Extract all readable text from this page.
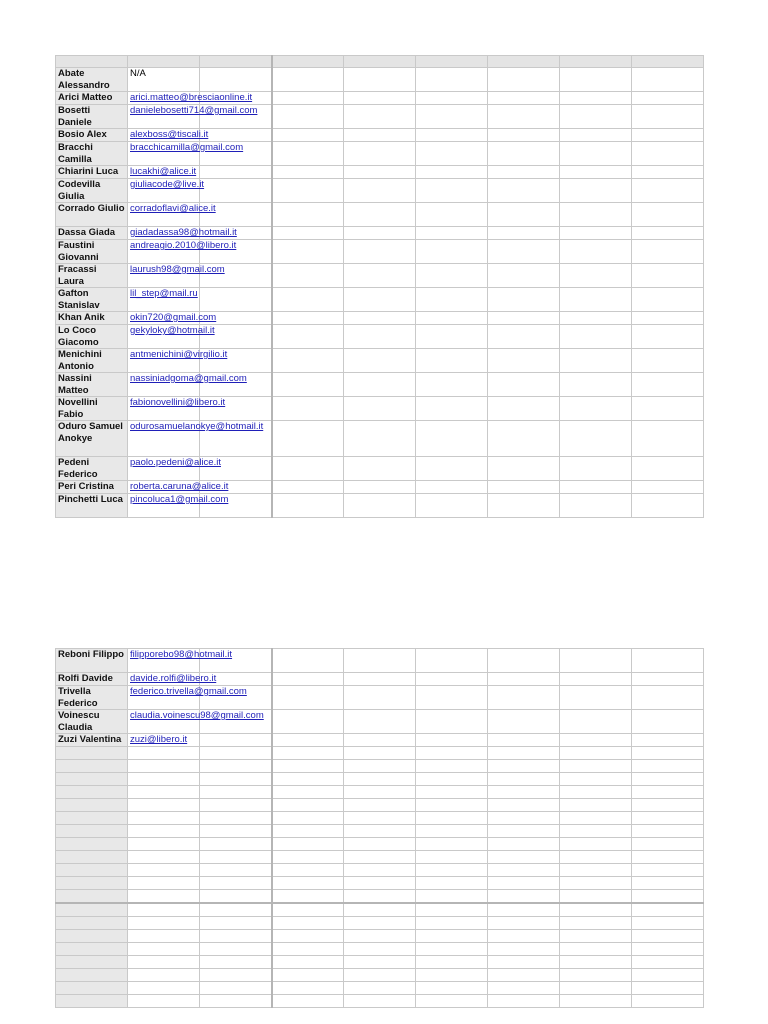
Abate Alessandro	N/A							
Arici Matteo	arici.matteo@bresciaonline.it							
Bosetti Daniele	danielebosetti714@gmail.com							
Bosio Alex	alexboss@tiscali.it							
Bracchi Camilla	bracchicamilla@gmail.com							
Chiarini Luca	lucakhi@alice.it							
Codevilla Giulia	giuliacode@live.it							
Corrado Giulio	corradoflavi@alice.it							
Dassa Giada	giadadassa98@hotmail.it							
Faustini Giovanni	andreagio.2010@libero.it							
Fracassi Laura	laurush98@gmail.com							
Gafton Stanislav	lil_step@mail.ru							
Khan Anik	okin720@gmail.com							
Lo Coco Giacomo	gekyloky@hotmail.it							
Menichini Antonio	antmenichini@virgilio.it							
Nassini Matteo	nassiniadgoma@gmail.com							
Novellini Fabio	fabionovellini@libero.it							
Oduro Samuel Anokye	odurosamuelanokye@hotmail.it							
Pedeni Federico	paolo.pedeni@alice.it							
Peri Cristina	roberta.caruna@alice.it							
Pinchetti Luca	pincoluca1@gmail.com							
Reboni Filippo	filipporebo98@hotmail.it							
Rolfi Davide	davide.rolfi@libero.it							
Trivella Federico	federico.trivella@gmail.com							
Voinescu Claudia	claudia.voinescu98@gmail.com							
Zuzi Valentina	zuzi@libero.it							
